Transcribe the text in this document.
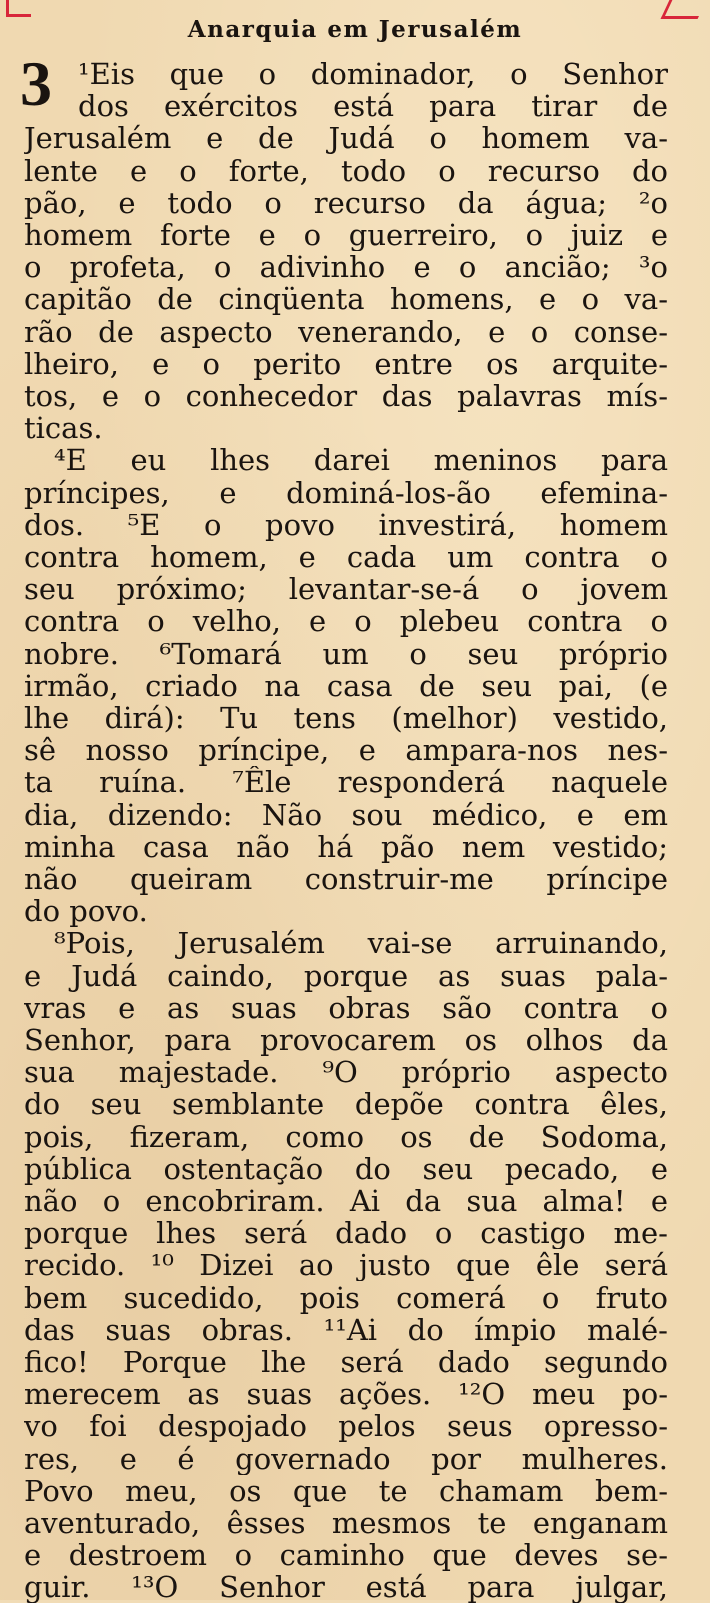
Anarquia em Jerusalém
3 ¹Eis que o dominador, o Senhor
dos exércitos está para tirar de
Jerusalém e de Judá o homem va-
lente e o forte, todo o recurso do
pão, e todo o recurso da água; ²o
homem forte e o guerreiro, o juiz e
o profeta, o adivinho e o ancião; ³o
capitão de cinqüenta homens, e o va-
rão de aspecto venerando, e o conse-
lheiro, e o perito entre os arquite-
tos, e o conhecedor das palavras mís-
ticas.
⁴E eu lhes darei meninos para
príncipes, e dominá-los-ão efemina-
dos. ⁵E o povo investirá, homem
contra homem, e cada um contra o
seu próximo; levantar-se-á o jovem
contra o velho, e o plebeu contra o
nobre. ⁶Tomará um o seu próprio
irmão, criado na casa de seu pai, (e
lhe dirá): Tu tens (melhor) vestido,
sê nosso príncipe, e ampara-nos nes-
ta ruína. ⁷Êle responderá naquele
dia, dizendo: Não sou médico, e em
minha casa não há pão nem vestido;
não queiram construir-me príncipe
do povo.
⁸Pois, Jerusalém vai-se arruinando,
e Judá caindo, porque as suas pala-
vras e as suas obras são contra o
Senhor, para provocarem os olhos da
sua majestade. ⁹O próprio aspecto
do seu semblante depõe contra êles,
pois, fizeram, como os de Sodoma,
pública ostentação do seu pecado, e
não o encobriram. Ai da sua alma! e
porque lhes será dado o castigo me-
recido. ¹⁰ Dizei ao justo que êle será
bem sucedido, pois comerá o fruto
das suas obras. ¹¹Ai do ímpio malé-
fico! Porque lhe será dado segundo
merecem as suas ações. ¹²O meu po-
vo foi despojado pelos seus opresso-
res, e é governado por mulheres.
Povo meu, os que te chamam bem-
aventurado, êsses mesmos te enganam
e destroem o caminho que deves se-
guir. ¹³O Senhor está para julgar,
